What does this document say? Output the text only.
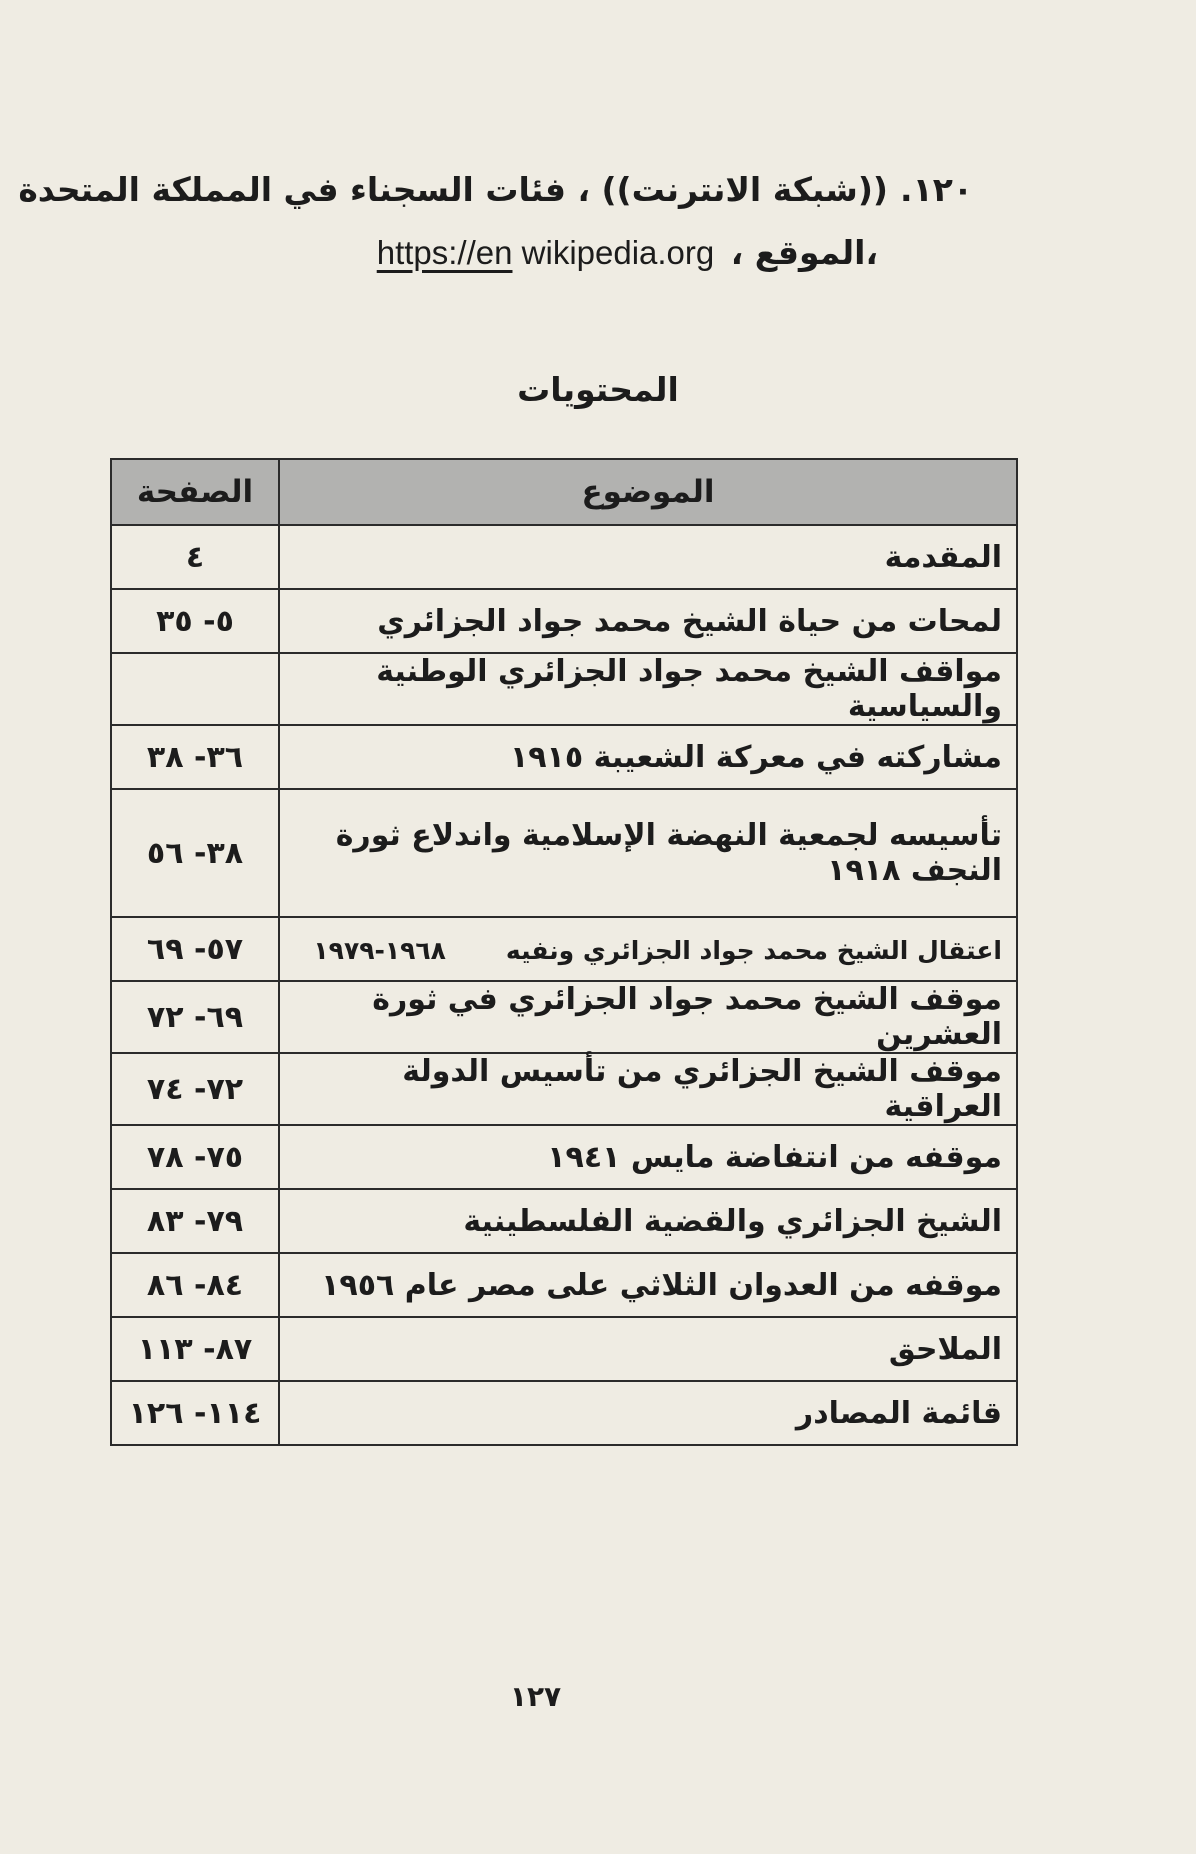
١٢٠.((شبكة الانترنت)) ، فئات السجناء في المملكة المتحدة
،الموقع ، https://en wikipedia.org
المحتويات
الموضوع	الصفحة
المقدمة	٤
لمحات من حياة الشيخ محمد جواد الجزائري	٥- ٣٥
مواقف الشيخ محمد جواد الجزائري الوطنية والسياسية	
مشاركته في معركة الشعيبة ١٩١٥	٣٦- ٣٨
تأسيسه لجمعية النهضة الإسلامية واندلاع ثورة النجف ١٩١٨	٣٨- ٥٦
اعتقال الشيخ محمد جواد الجزائري ونفيه١٩٦٨-١٩٧٩	٥٧- ٦٩
موقف الشيخ محمد جواد الجزائري في ثورة العشرين	٦٩- ٧٢
موقف الشيخ الجزائري من تأسيس الدولة العراقية	٧٢- ٧٤
موقفه من انتفاضة مايس ١٩٤١	٧٥- ٧٨
الشيخ الجزائري والقضية الفلسطينية	٧٩- ٨٣
موقفه من العدوان الثلاثي على مصر عام ١٩٥٦	٨٤- ٨٦
الملاحق	٨٧- ١١٣
قائمة المصادر	١١٤- ١٢٦
١٢٧
